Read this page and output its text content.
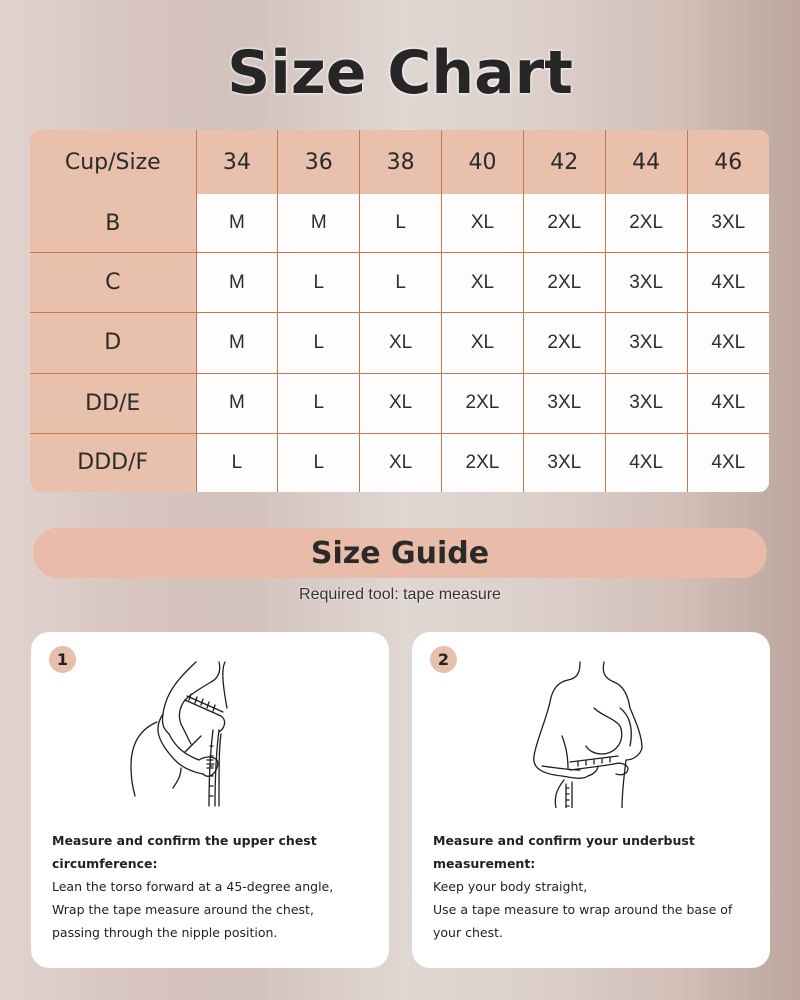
Size Chart
Cup/Size	34	36	38	40	42	44	46
B	M	M	L	XL	2XL	2XL	3XL
C	M	L	L	XL	2XL	3XL	4XL
D	M	L	XL	XL	2XL	3XL	4XL
DD/E	M	L	XL	2XL	3XL	3XL	4XL
DDD/F	L	L	XL	2XL	3XL	4XL	4XL
Size Guide
Required tool: tape measure
1
Measure and confirm the upper chest circumference:
Lean the torso forward at a 45-degree angle,
Wrap the tape measure around the chest,
passing through the nipple position.
2
Measure and confirm your underbust measurement:
Keep your body straight,
Use a tape measure to wrap around the base of your chest.
